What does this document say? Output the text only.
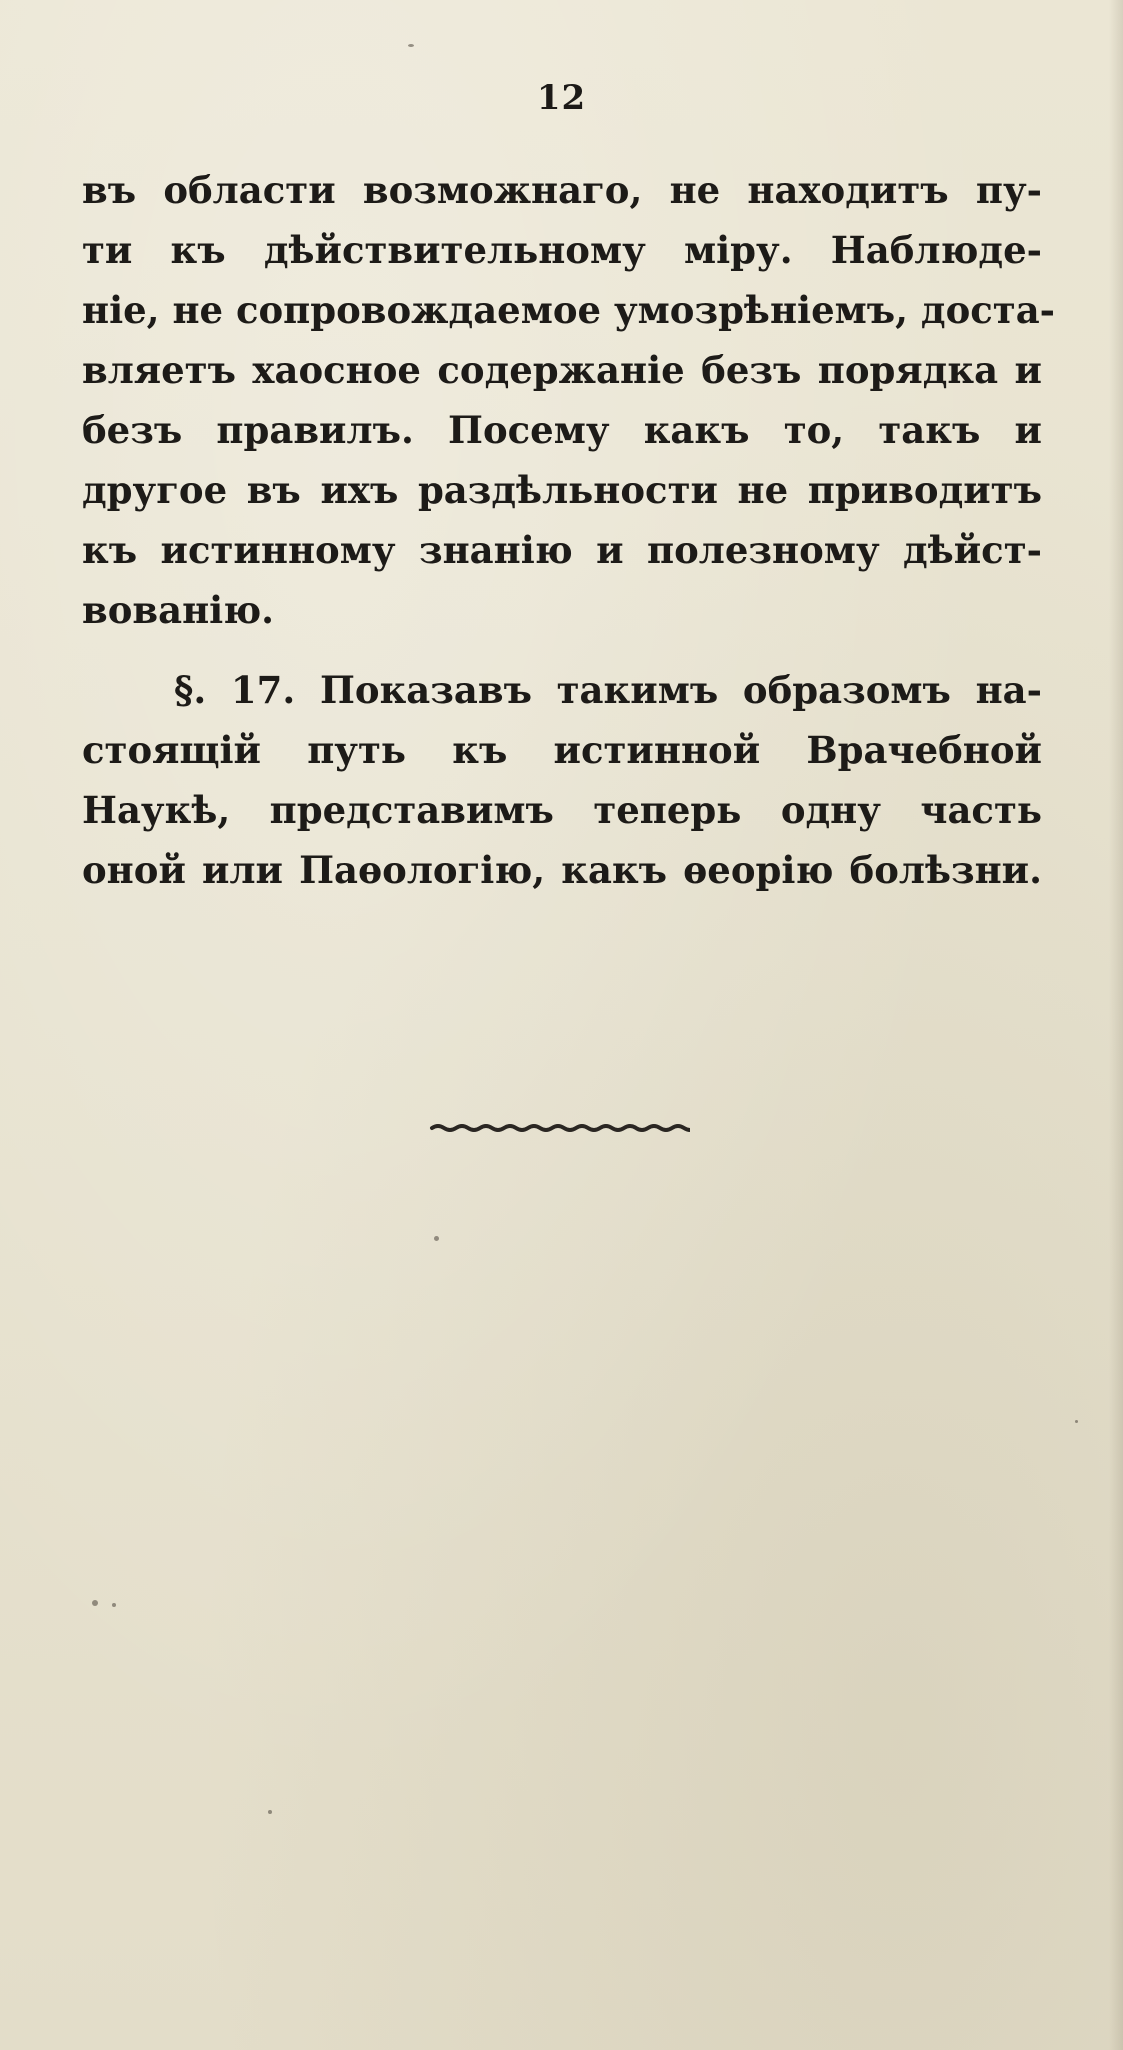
12
въ области возможнаго, не находитъ пу-
ти къ дѣйствительному міру. Наблюде-
ніе, не сопровождаемое умозрѣніемъ, доста-
вляетъ хаосное содержаніе безъ порядка и
безъ правилъ. Посему какъ то, такъ и
другое въ ихъ раздѣльности не приводитъ
къ истинному знанію и полезному дѣйст-
вованію.
§. 17. Показавъ такимъ образомъ на-
стоящій путь къ истинной Врачебной
Наукѣ, представимъ теперь одну часть
оной или Паѳологію, какъ ѳеорію болѣзни.
